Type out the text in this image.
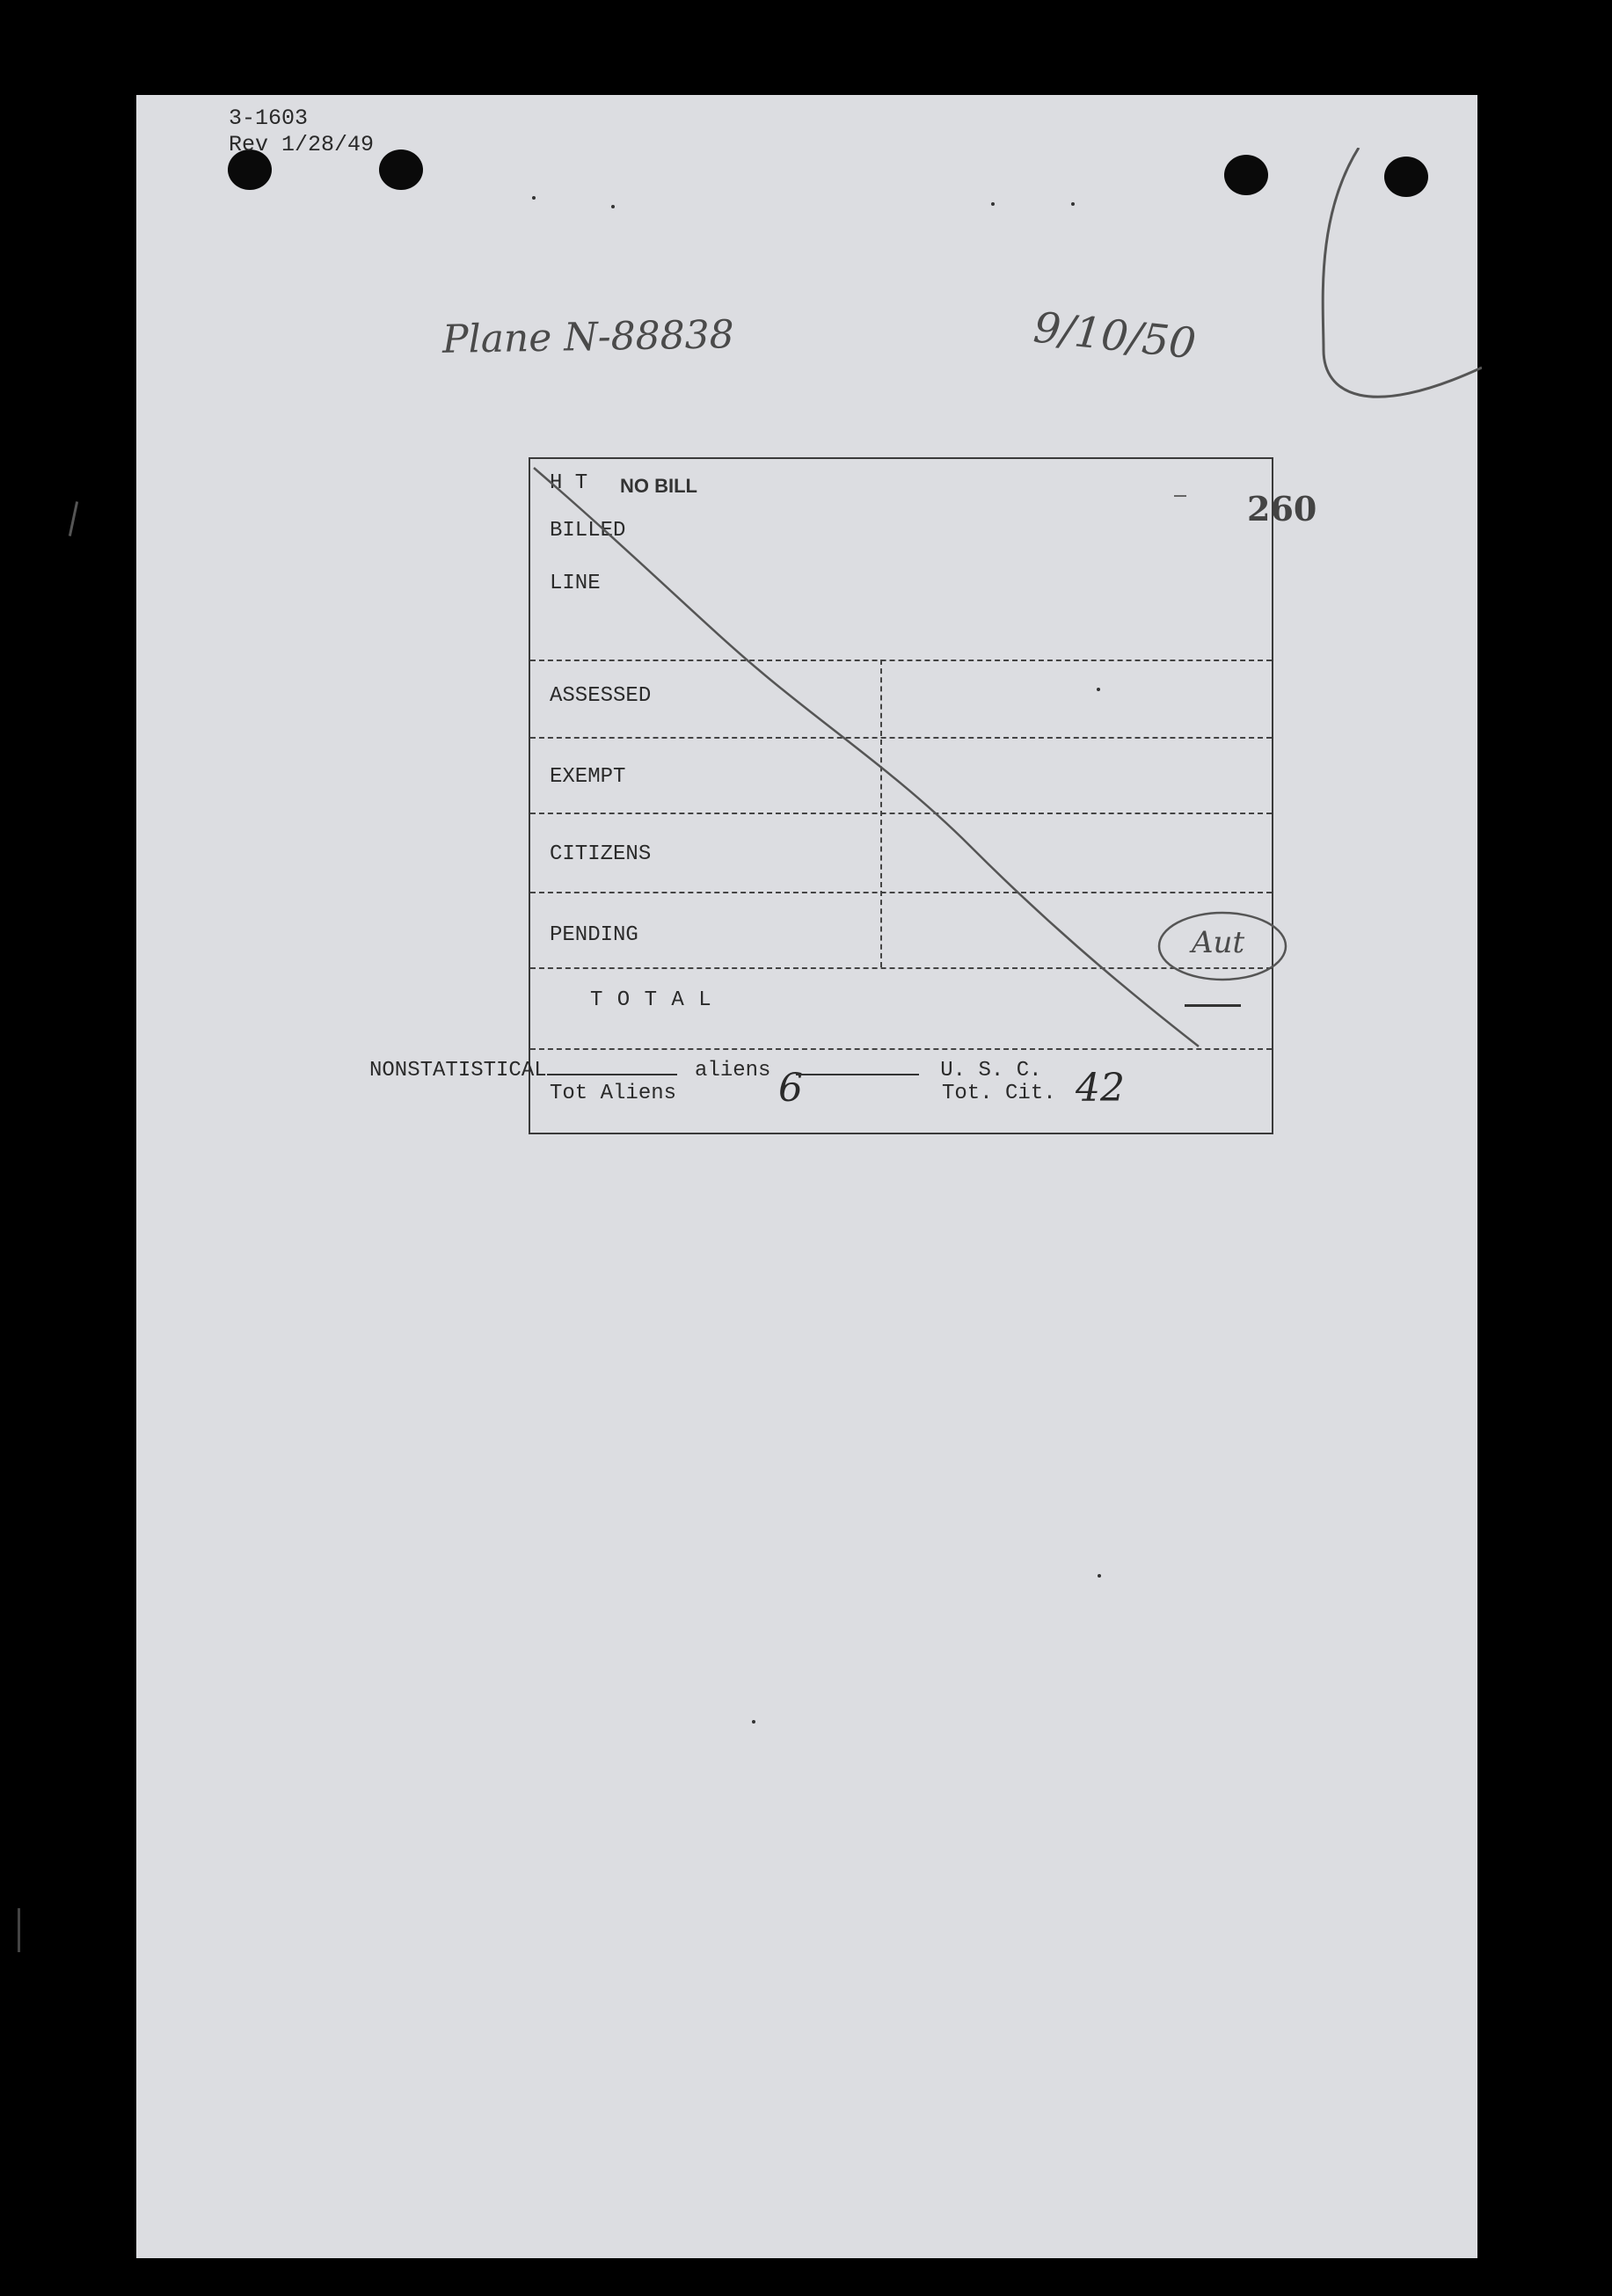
3-1603
Rev 1/28/49
Plane N-88838	9/10/50
260
H T NO BILL
BILLED
LINE
ASSESSED
EXEMPT
CITIZENS
PENDING
T O T A L
Tot Aliens	6	Tot. Cit. 42
Aut
NONSTATISTICAL	aliens	U. S. C.
